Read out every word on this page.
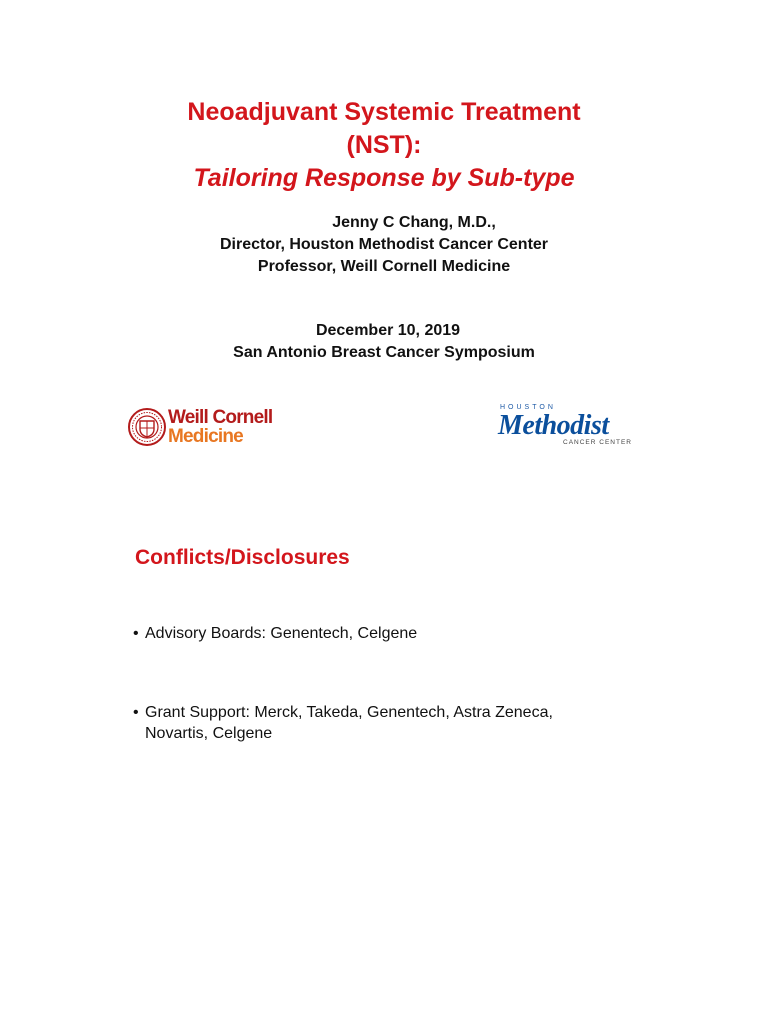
Neoadjuvant Systemic Treatment
(NST):
Tailoring Response by Sub-type
Jenny C Chang, M.D.,
Director, Houston Methodist Cancer Center
Professor, Weill Cornell Medicine
December 10, 2019
San Antonio Breast Cancer Symposium
Weill Cornell
Medicine
HOUSTON
Methodist
CANCER CENTER
Conflicts/Disclosures
• Advisory Boards: Genentech, Celgene
• Grant Support: Merck, Takeda, Genentech, Astra Zeneca,
Novartis, Celgene
